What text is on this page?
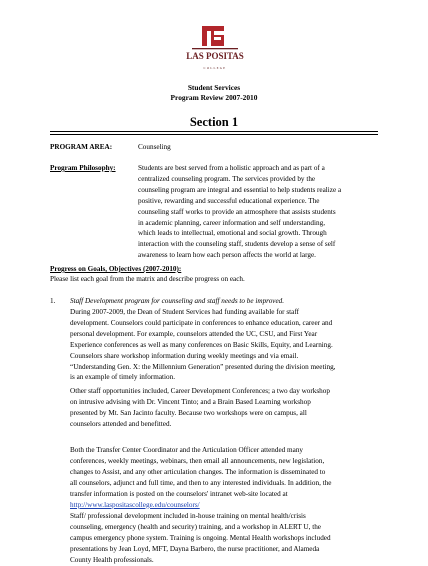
LAS POSITAS
COLLEGE
Student Services
Program Review 2007-2010
Section 1
PROGRAM AREA:	Counseling
Program Philosophy:	Students are best served from a holistic approach and as part of a
centralized counseling program. The services provided by the
counseling program are integral and essential to help students realize a
positive, rewarding and successful educational experience. The
counseling staff works to provide an atmosphere that assists students
in academic planning, career information and self understanding,
which leads to intellectual, emotional and social growth. Through
interaction with the counseling staff, students develop a sense of self
awareness to learn how each person affects the world at large.
Progress on Goals, Objectives (2007-2010):
Please list each goal from the matrix and describe progress on each.
1. Staff Development program for counseling and staff needs to be improved.
During 2007-2009, the Dean of Student Services had funding available for staff
development. Counselors could participate in conferences to enhance education, career and
personal development. For example, counselors attended the UC, CSU, and First Year
Experience conferences as well as many conferences on Basic Skills, Equity, and Learning.
Counselors share workshop information during weekly meetings and via email.
“Understanding Gen. X: the Millennium Generation” presented during the division meeting,
is an example of timely information.
Other staff opportunities included, Career Development Conferences; a two day workshop
on intrusive advising with Dr. Vincent Tinto; and a Brain Based Learning workshop
presented by Mt. San Jacinto faculty. Because two workshops were on campus, all
counselors attended and benefitted.
Both the Transfer Center Coordinator and the Articulation Officer attended many
conferences, weekly meetings, webinars, then email all announcements, new legislation,
changes to Assist, and any other articulation changes. The information is disseminated to
all counselors, adjunct and full time, and then to any interested individuals. In addition, the
transfer information is posted on the counselors' intranet web-site located at
http://www.laspositascollege.edu/counselors/
Staff/ professional development included in-house training on mental health/crisis
counseling, emergency (health and security) training, and a workshop in ALERT U, the
campus emergency phone system. Training is ongoing. Mental Health workshops included
presentations by Jean Loyd, MFT, Dayna Barbero, the nurse practitioner, and Alameda
County Health professionals.
